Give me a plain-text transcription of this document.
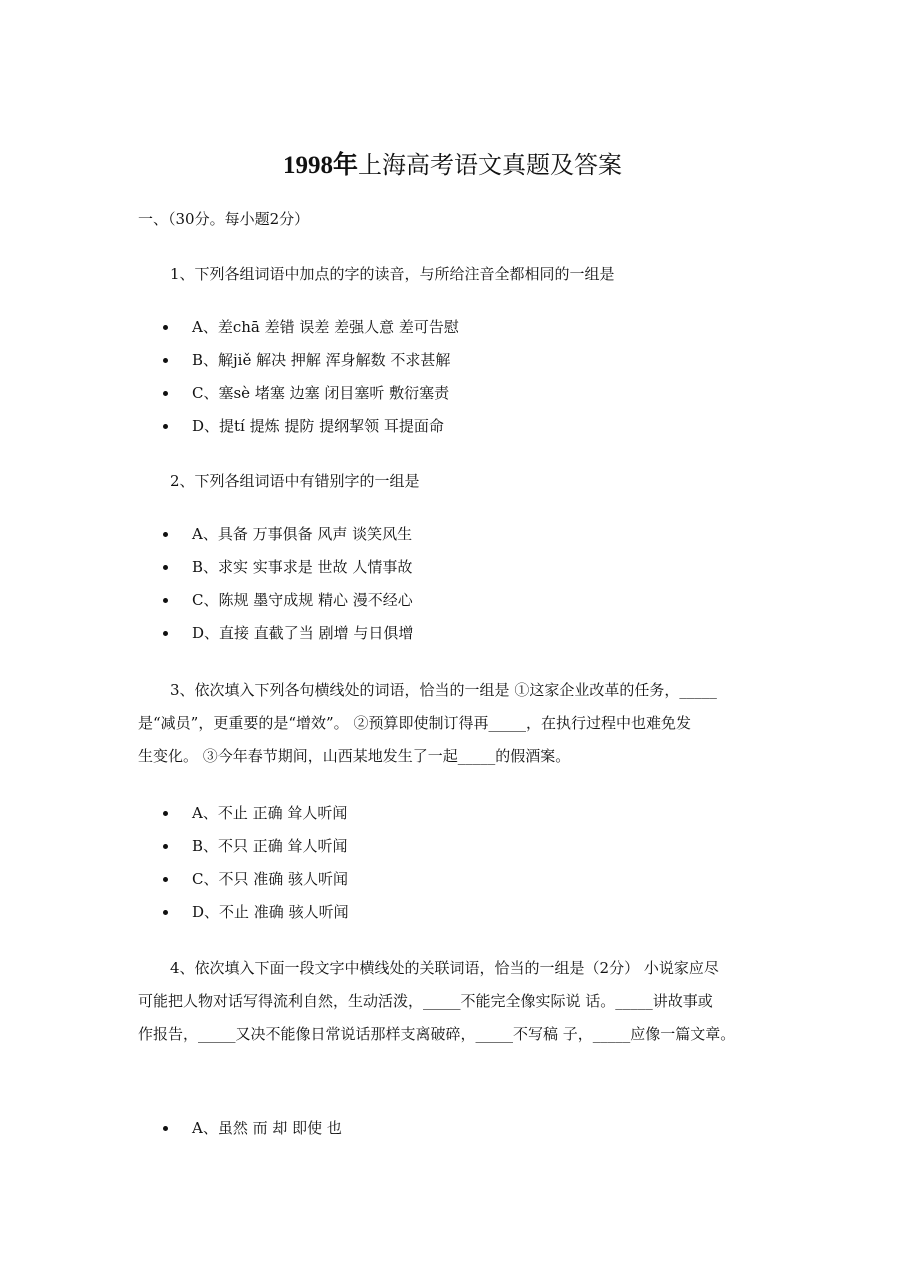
1998年上海高考语文真题及答案
一、（30分。每小题2分）
1、下列各组词语中加点的字的读音，与所给注音全都相同的一组是
A、差chā 差错 误差 差强人意 差可告慰
B、解jiě 解决 押解 浑身解数 不求甚解
C、塞sè 堵塞 边塞 闭目塞听 敷衍塞责
D、提tí 提炼 提防 提纲挈领 耳提面命
2、下列各组词语中有错别字的一组是
A、具备 万事俱备 风声 谈笑风生
B、求实 实事求是 世故 人情事故
C、陈规 墨守成规 精心 漫不经心
D、直接 直截了当 剧增 与日俱增
3、依次填入下列各句横线处的词语，恰当的一组是 ①这家企业改革的任务，_____
是“减员”，更重要的是“增效”。 ②预算即使制订得再_____，在执行过程中也难免发
生变化。 ③今年春节期间，山西某地发生了一起_____的假酒案。
A、不止 正确 耸人听闻
B、不只 正确 耸人听闻
C、不只 准确 骇人听闻
D、不止 准确 骇人听闻
4、依次填入下面一段文字中横线处的关联词语，恰当的一组是（2分） 小说家应尽
可能把人物对话写得流利自然，生动活泼，_____不能完全像实际说 话。_____讲故事或
作报告，_____又决不能像日常说话那样支离破碎，_____不写稿 子，_____应像一篇文章。
A、虽然 而 却 即使 也
